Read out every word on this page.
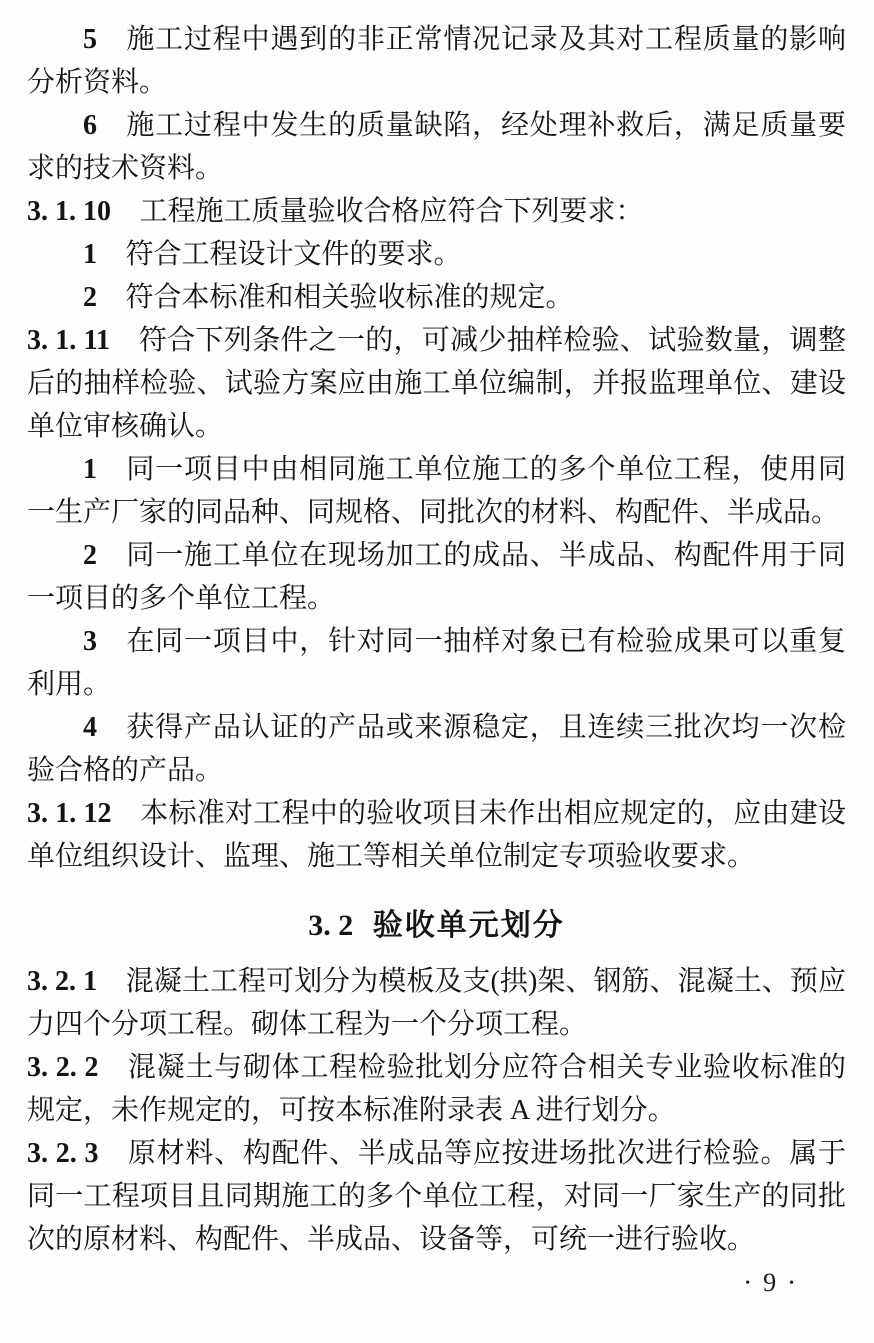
5 施工过程中遇到的非正常情况记录及其对工程质量的影响分析资料。

6 施工过程中发生的质量缺陷，经处理补救后，满足质量要求的技术资料。

3. 1. 10 工程施工质量验收合格应符合下列要求：

1 符合工程设计文件的要求。

2 符合本标准和相关验收标准的规定。

3. 1. 11 符合下列条件之一的，可减少抽样检验、试验数量，调整后的抽样检验、试验方案应由施工单位编制，并报监理单位、建设单位审核确认。

1 同一项目中由相同施工单位施工的多个单位工程，使用同一生产厂家的同品种、同规格、同批次的材料、构配件、半成品。

2 同一施工单位在现场加工的成品、半成品、构配件用于同一项目的多个单位工程。

3 在同一项目中，针对同一抽样对象已有检验成果可以重复利用。

4 获得产品认证的产品或来源稳定，且连续三批次均一次检验合格的产品。

3. 1. 12 本标准对工程中的验收项目未作出相应规定的，应由建设单位组织设计、监理、施工等相关单位制定专项验收要求。

3. 2 验收单元划分

3. 2. 1 混凝土工程可划分为模板及支(拱)架、钢筋、混凝土、预应力四个分项工程。砌体工程为一个分项工程。

3. 2. 2 混凝土与砌体工程检验批划分应符合相关专业验收标准的规定，未作规定的，可按本标准附录表 A 进行划分。

3. 2. 3 原材料、构配件、半成品等应按进场批次进行检验。属于同一工程项目且同期施工的多个单位工程，对同一厂家生产的同批次的原材料、构配件、半成品、设备等，可统一进行验收。

• 9 •
